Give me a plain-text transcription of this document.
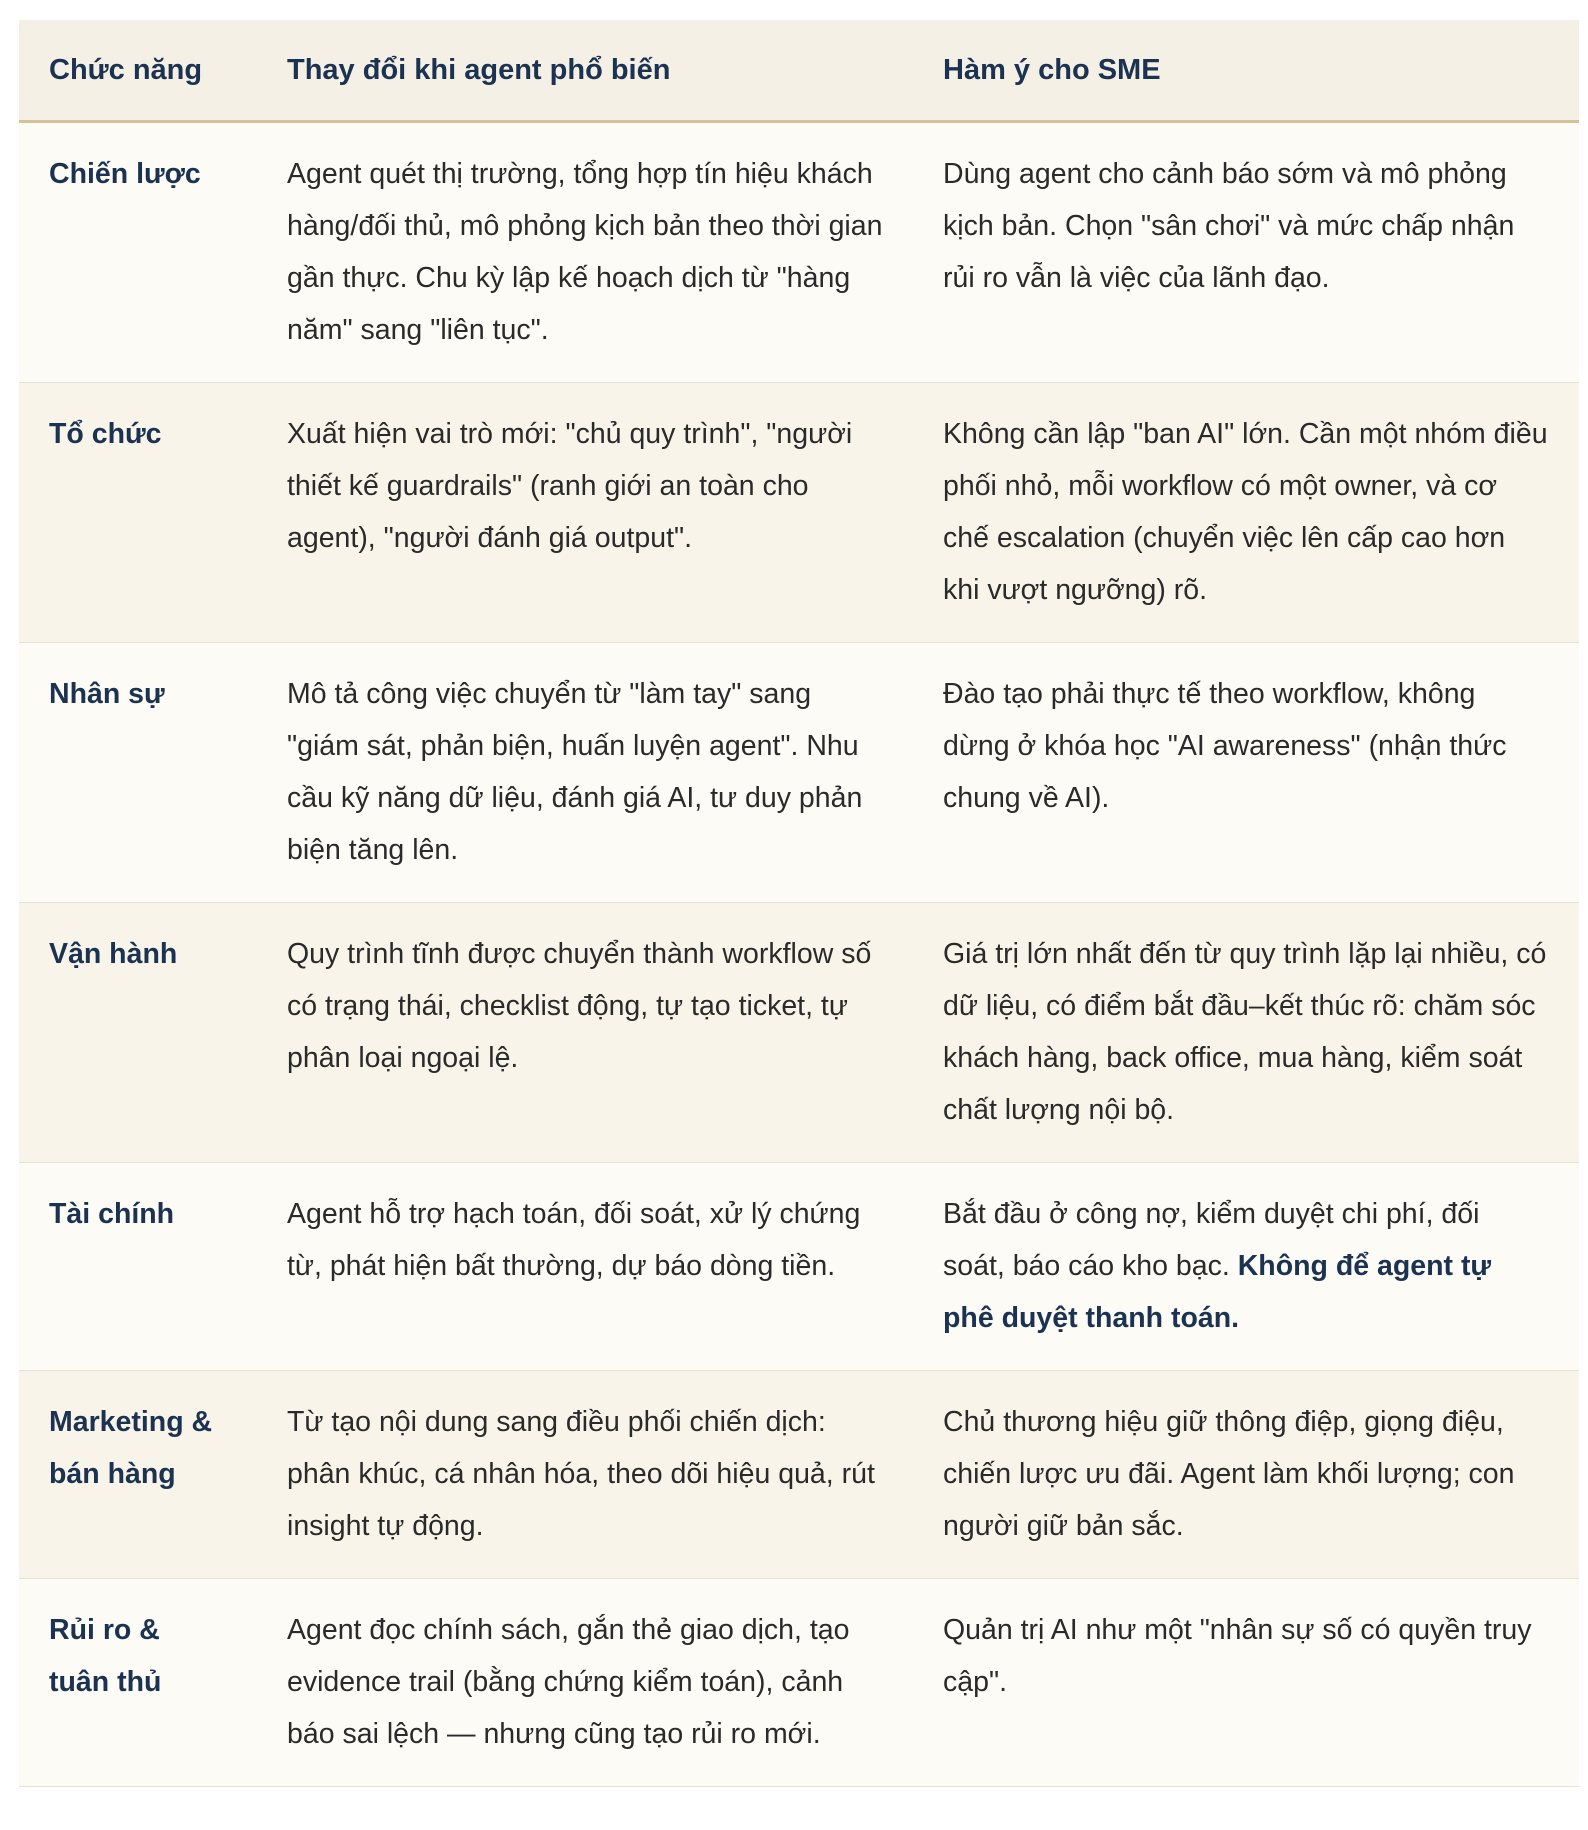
Chức năng	Thay đổi khi agent phổ biến	Hàm ý cho SME
Chiến lược	Agent quét thị trường, tổng hợp tín hiệu khách hàng/đối thủ, mô phỏng kịch bản theo thời gian gần thực. Chu kỳ lập kế hoạch dịch từ "hàng năm" sang "liên tục".	Dùng agent cho cảnh báo sớm và mô phỏng kịch bản. Chọn "sân chơi" và mức chấp nhận rủi ro vẫn là việc của lãnh đạo.
Tổ chức	Xuất hiện vai trò mới: "chủ quy trình", "người thiết kế guardrails" (ranh giới an toàn cho agent), "người đánh giá output".	Không cần lập "ban AI" lớn. Cần một nhóm điều phối nhỏ, mỗi workflow có một owner, và cơ chế escalation (chuyển việc lên cấp cao hơn khi vượt ngưỡng) rõ.
Nhân sự	Mô tả công việc chuyển từ "làm tay" sang "giám sát, phản biện, huấn luyện agent". Nhu cầu kỹ năng dữ liệu, đánh giá AI, tư duy phản biện tăng lên.	Đào tạo phải thực tế theo workflow, không dừng ở khóa học "AI awareness" (nhận thức chung về AI).
Vận hành	Quy trình tĩnh được chuyển thành workflow số có trạng thái, checklist động, tự tạo ticket, tự phân loại ngoại lệ.	Giá trị lớn nhất đến từ quy trình lặp lại nhiều, có dữ liệu, có điểm bắt đầu–kết thúc rõ: chăm sóc khách hàng, back office, mua hàng, kiểm soát chất lượng nội bộ.
Tài chính	Agent hỗ trợ hạch toán, đối soát, xử lý chứng từ, phát hiện bất thường, dự báo dòng tiền.	Bắt đầu ở công nợ, kiểm duyệt chi phí, đối soát, báo cáo kho bạc. Không để agent tự phê duyệt thanh toán.
Marketing & bán hàng	Từ tạo nội dung sang điều phối chiến dịch: phân khúc, cá nhân hóa, theo dõi hiệu quả, rút insight tự động.	Chủ thương hiệu giữ thông điệp, giọng điệu, chiến lược ưu đãi. Agent làm khối lượng; con người giữ bản sắc.
Rủi ro & tuân thủ	Agent đọc chính sách, gắn thẻ giao dịch, tạo evidence trail (bằng chứng kiểm toán), cảnh báo sai lệch — nhưng cũng tạo rủi ro mới.	Quản trị AI như một "nhân sự số có quyền truy cập".
